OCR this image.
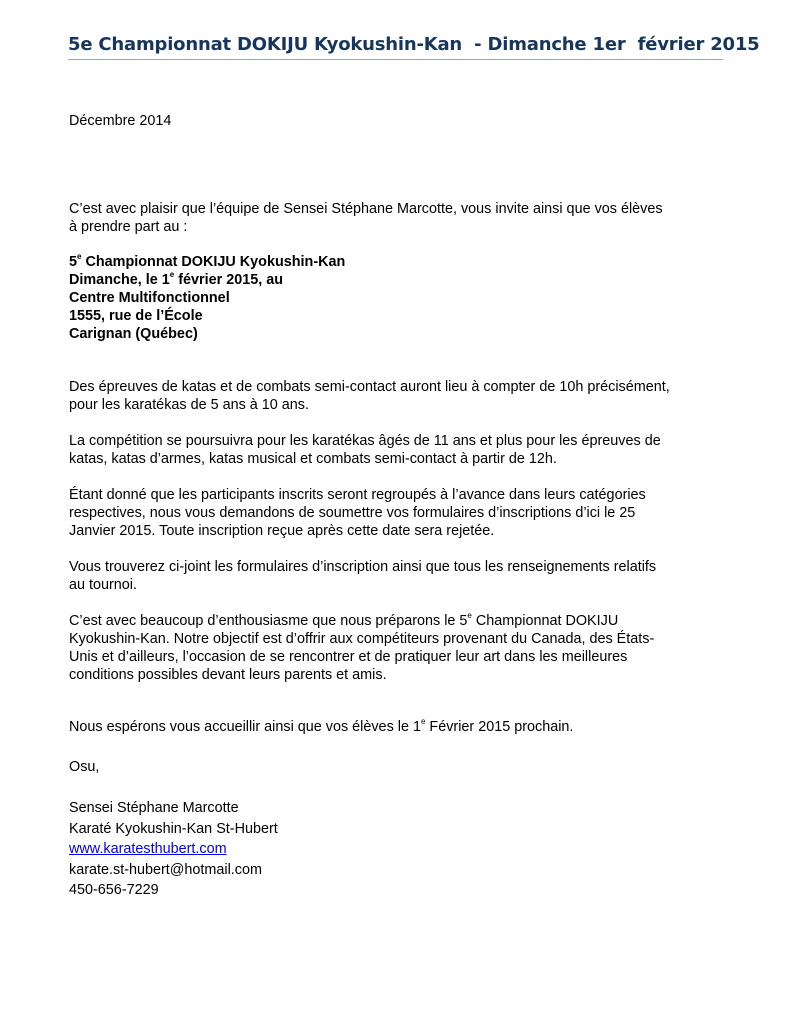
5e Championnat DOKIJU Kyokushin-Kan  - Dimanche 1er  février 2015
Décembre 2014
C’est avec plaisir que l’équipe de Sensei Stéphane Marcotte, vous invite ainsi que vos élèves
à prendre part au :
5e Championnat DOKIJU Kyokushin-Kan
Dimanche, le 1e février 2015, au
Centre Multifonctionnel
1555, rue de l’École
Carignan (Québec)
Des épreuves de katas et de combats semi-contact auront lieu à compter de 10h précisément,
pour les karatékas de 5 ans à 10 ans.
La compétition se poursuivra pour les karatékas âgés de 11 ans et plus pour les épreuves de
katas, katas d’armes, katas musical et combats semi-contact à partir de 12h.
Étant donné que les participants inscrits seront regroupés à l’avance dans leurs catégories
respectives, nous vous demandons de soumettre vos formulaires d’inscriptions d’ici le 25
Janvier 2015. Toute inscription reçue après cette date sera rejetée.
Vous trouverez ci-joint les formulaires d’inscription ainsi que tous les renseignements relatifs
au tournoi.
C’est avec beaucoup d’enthousiasme que nous préparons le 5e Championnat DOKIJU
Kyokushin-Kan. Notre objectif est d’offrir aux compétiteurs provenant du Canada, des États-
Unis et d’ailleurs, l’occasion de se rencontrer et de pratiquer leur art dans les meilleures
conditions possibles devant leurs parents et amis.
Nous espérons vous accueillir ainsi que vos élèves le 1e Février 2015 prochain.
Osu,
Sensei Stéphane Marcotte
Karaté Kyokushin-Kan St-Hubert
www.karatesthubert.com
karate.st-hubert@hotmail.com
450-656-7229
